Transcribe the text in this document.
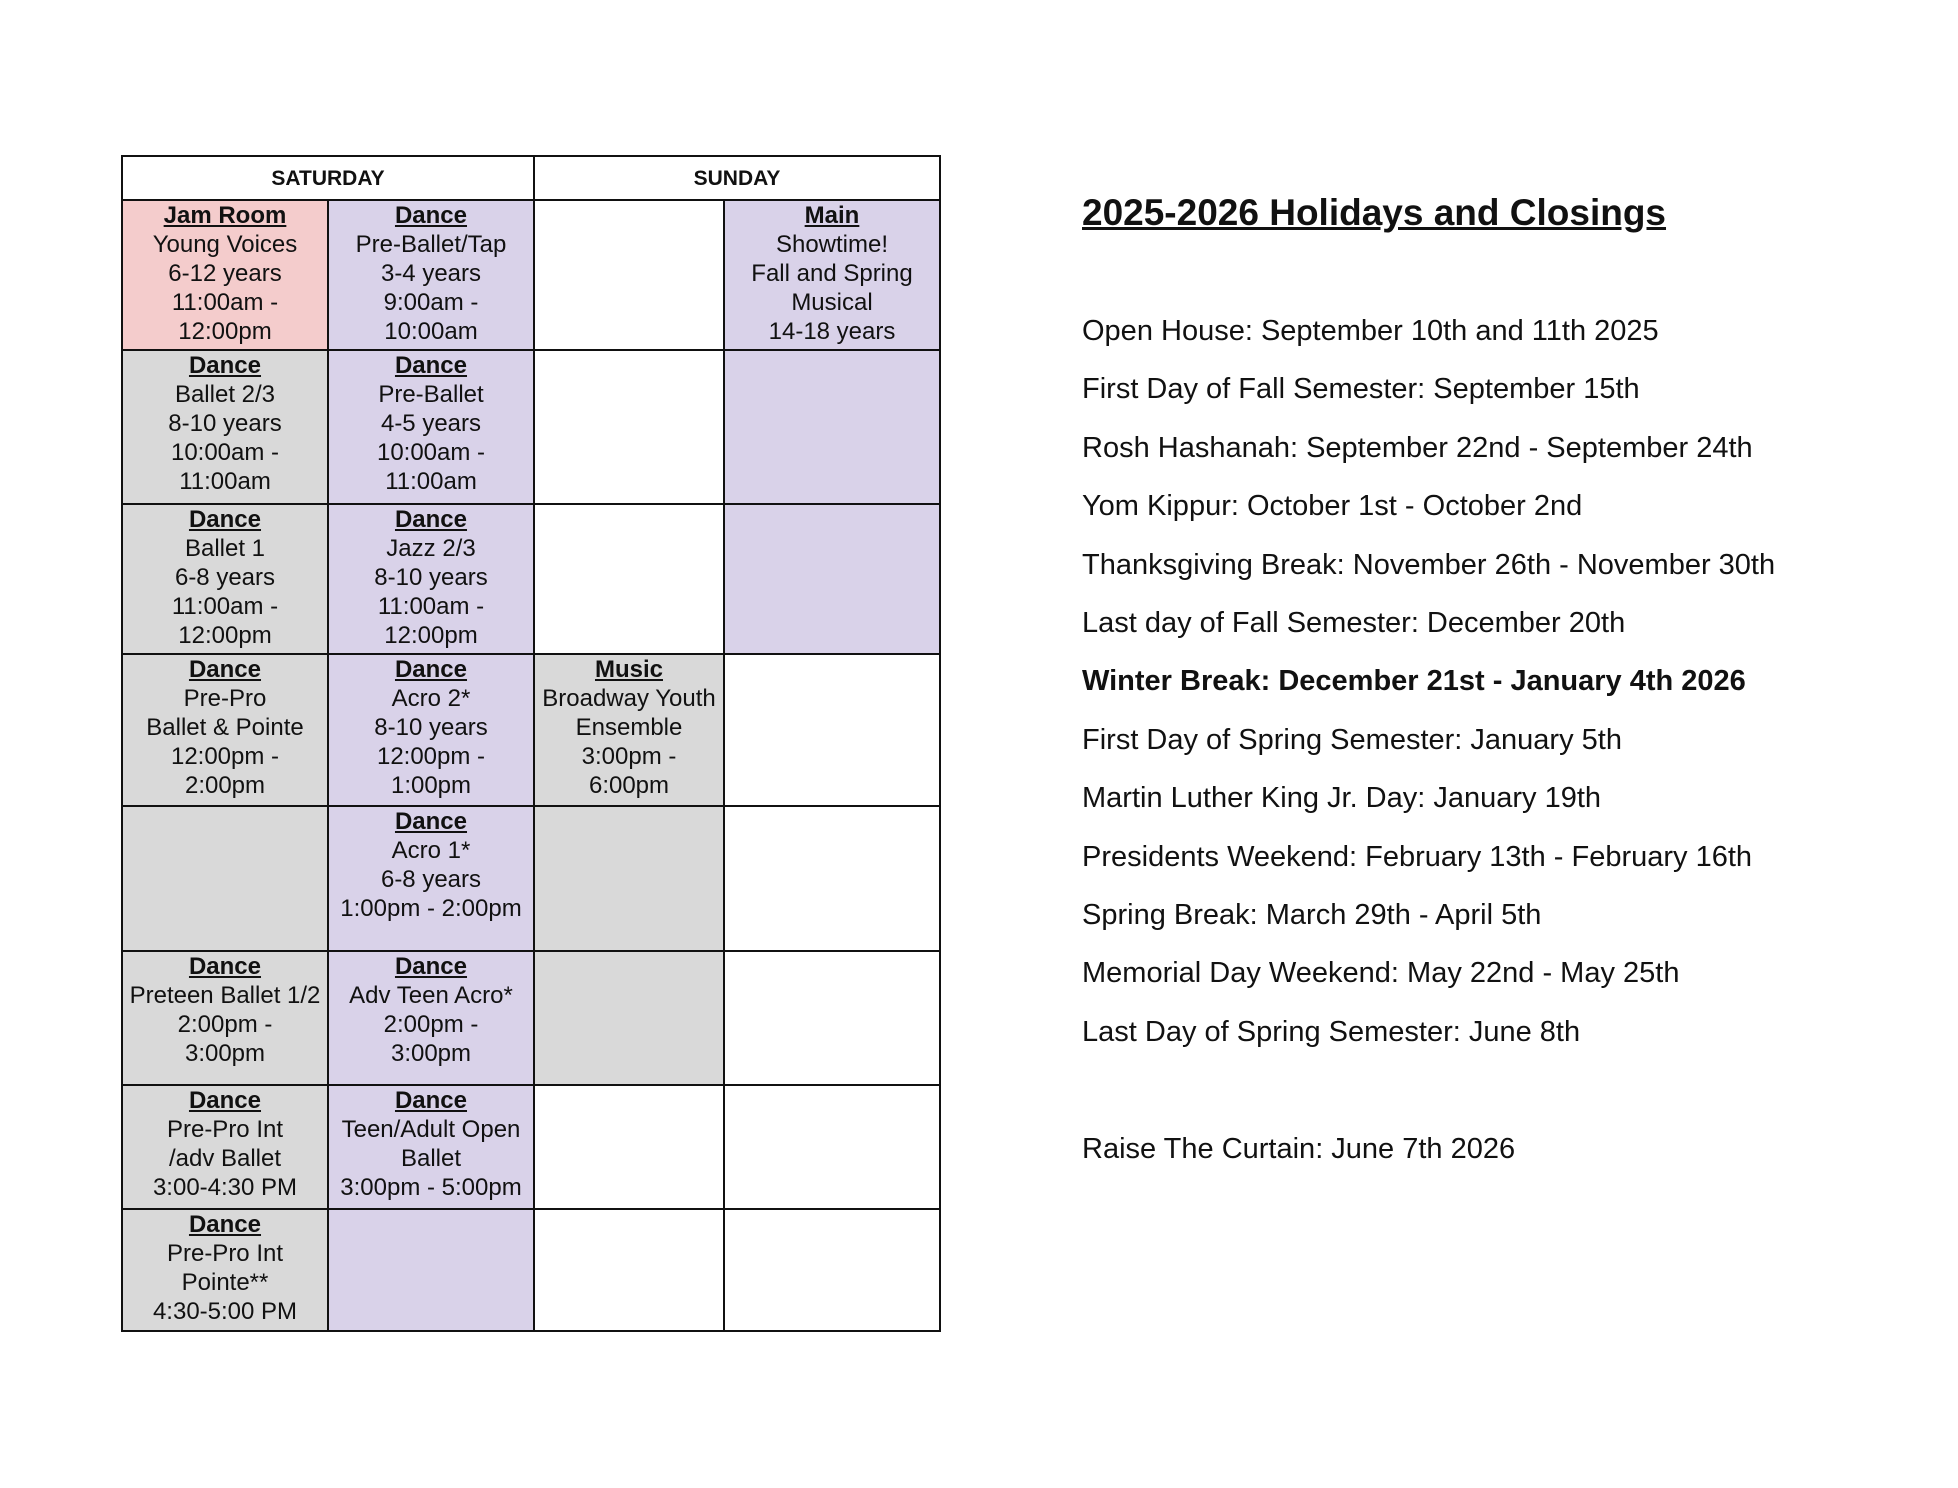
SATURDAY		SUNDAY	

Jam Room
Young Voices
6-12 years
11:00am -
12:00pm	Dance
Pre-Ballet/Tap
3-4 years
9:00am -
10:00am		Main
Showtime!
Fall and Spring
Musical
14-18 years

Dance
Ballet 2/3
8-10 years
10:00am -
11:00am	Dance
Pre-Ballet
4-5 years
10:00am -
11:00am		

Dance
Ballet 1
6-8 years
11:00am -
12:00pm	Dance
Jazz 2/3
8-10 years
11:00am -
12:00pm		

Dance
Pre-Pro
Ballet & Pointe
12:00pm -
2:00pm	Dance
Acro 2*
8-10 years
12:00pm -
1:00pm	Music
Broadway Youth
Ensemble
3:00pm -
6:00pm	

	Dance
Acro 1*
6-8 years
1:00pm - 2:00pm		

Dance
Preteen Ballet 1/2
2:00pm -
3:00pm	Dance
Adv Teen Acro*
2:00pm -
3:00pm		

Dance
Pre-Pro Int
/adv Ballet
3:00-4:30 PM	Dance
Teen/Adult Open
Ballet
3:00pm - 5:00pm		

Dance
Pre-Pro Int
Pointe**
4:30-5:00 PM			

2025-2026 Holidays and Closings
Open House: September 10th and 11th 2025
First Day of Fall Semester: September 15th
Rosh Hashanah: September 22nd - September 24th
Yom Kippur: October 1st - October 2nd
Thanksgiving Break: November 26th - November 30th
Last day of Fall Semester: December 20th
Winter Break: December 21st - January 4th 2026
First Day of Spring Semester: January 5th
Martin Luther King Jr. Day: January 19th
Presidents Weekend: February 13th - February 16th
Spring Break: March 29th - April 5th
Memorial Day Weekend: May 22nd - May 25th
Last Day of Spring Semester: June 8th
Raise The Curtain: June 7th 2026
